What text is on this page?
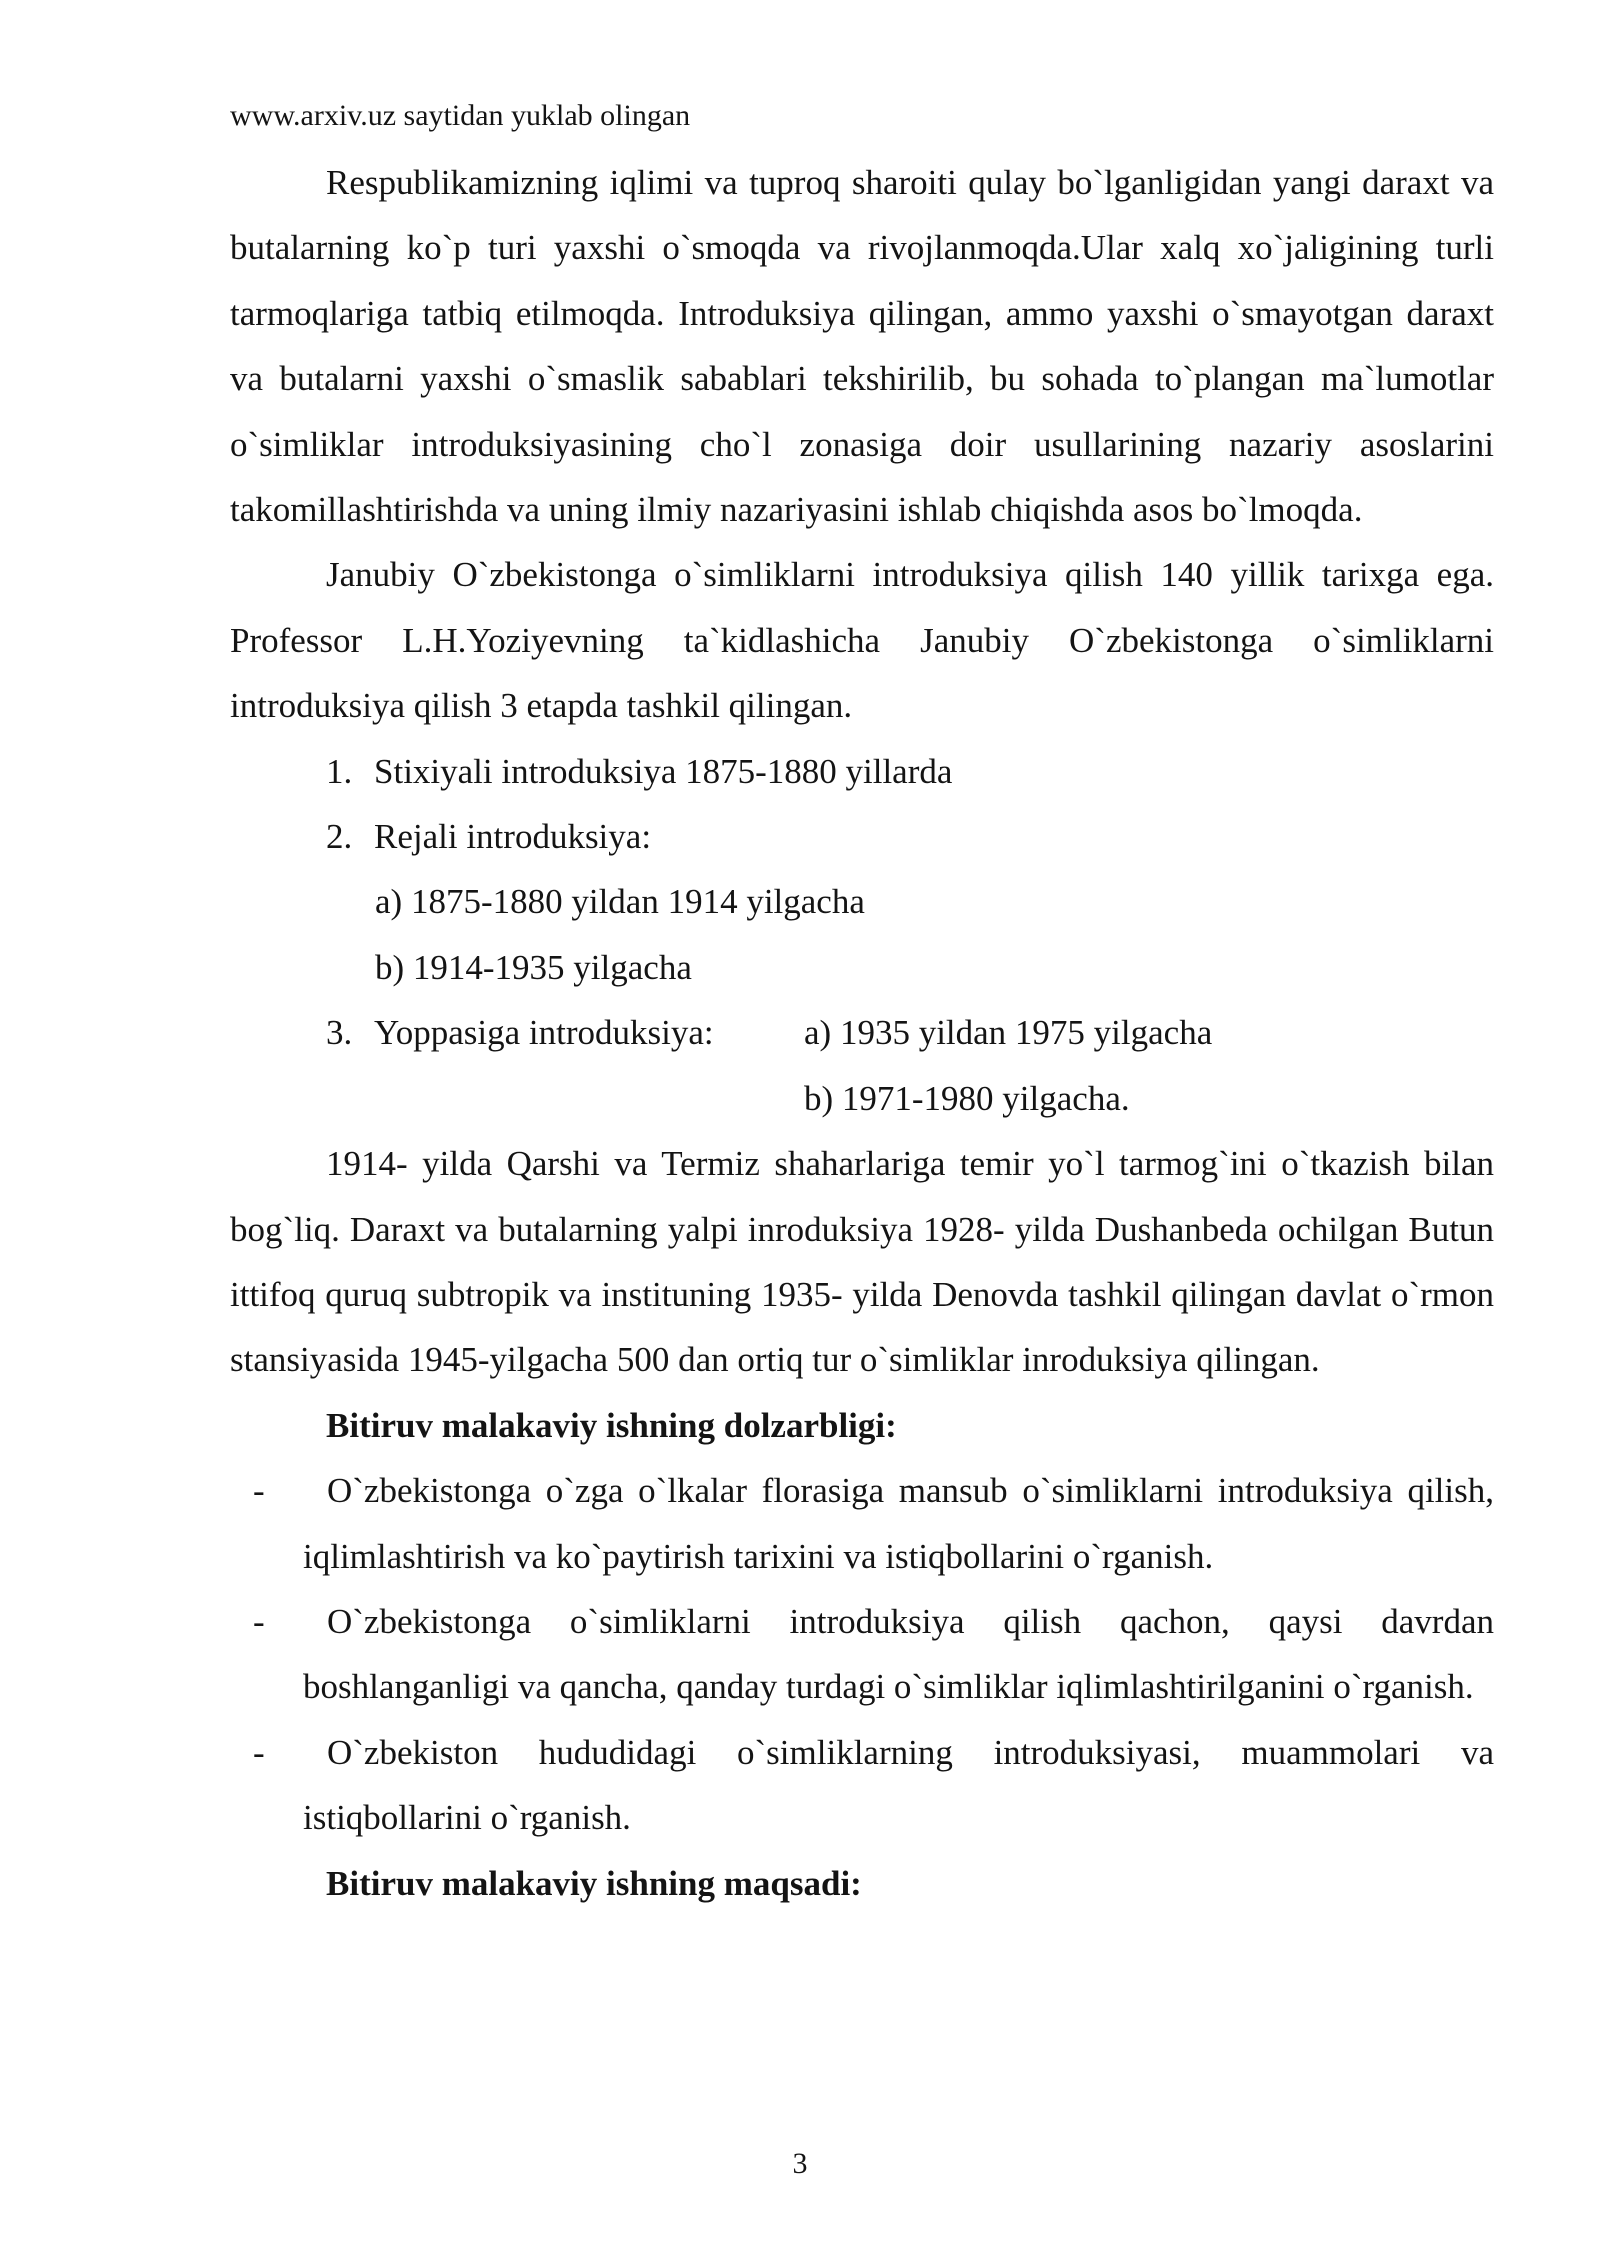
www.arxiv.uz saytidan yuklab olingan

Respublikamizning iqlimi va tuproq sharoiti qulay bo`lganligidan yangi daraxt va butalarning ko`p turi yaxshi o`smoqda va rivojlanmoqda.Ular xalq xo`jaligining turli tarmoqlariga tatbiq etilmoqda. Introduksiya qilingan, ammo yaxshi o`smayotgan daraxt va butalarni yaxshi o`smaslik sabablari tekshirilib, bu sohada to`plangan ma`lumotlar o`simliklar introduksiyasining cho`l zonasiga doir usullarining nazariy asoslarini takomillashtirishda va uning ilmiy nazariyasini ishlab chiqishda asos bo`lmoqda.

Janubiy O`zbekistonga o`simliklarni introduksiya qilish 140 yillik tarixga ega. Professor L.H.Yoziyevning ta`kidlashicha Janubiy O`zbekistonga o`simliklarni introduksiya qilish 3 etapda tashkil qilingan.

1. Stixiyali introduksiya 1875-1880 yillarda

2. Rejali introduksiya:

a) 1875-1880 yildan 1914 yilgacha

b) 1914-1935 yilgacha

3. Yoppasiga introduksiya:	a) 1935 yildan 1975 yilgacha

b) 1971-1980 yilgacha.

1914- yilda Qarshi va Termiz shaharlariga temir yo`l tarmog`ini o`tkazish bilan bog`liq. Daraxt va butalarning yalpi inroduksiya 1928- yilda Dushanbeda ochilgan Butun ittifoq quruq subtropik va instituning 1935- yilda Denovda tashkil qilingan davlat o`rmon stansiyasida 1945-yilgacha 500 dan ortiq tur o`simliklar inroduksiya qilingan.

Bitiruv malakaviy ishning dolzarbligi:

-	O`zbekistonga o`zga o`lkalar florasiga mansub o`simliklarni introduksiya qilish, iqlimlashtirish va ko`paytirish tarixini va istiqbollarini o`rganish.

-	O`zbekistonga o`simliklarni introduksiya qilish qachon, qaysi davrdan boshlanganligi va qancha, qanday turdagi o`simliklar iqlimlashtirilganini o`rganish.

-	O`zbekiston hududidagi o`simliklarning introduksiyasi, muammolari va istiqbollarini o`rganish.

Bitiruv malakaviy ishning maqsadi:

3
